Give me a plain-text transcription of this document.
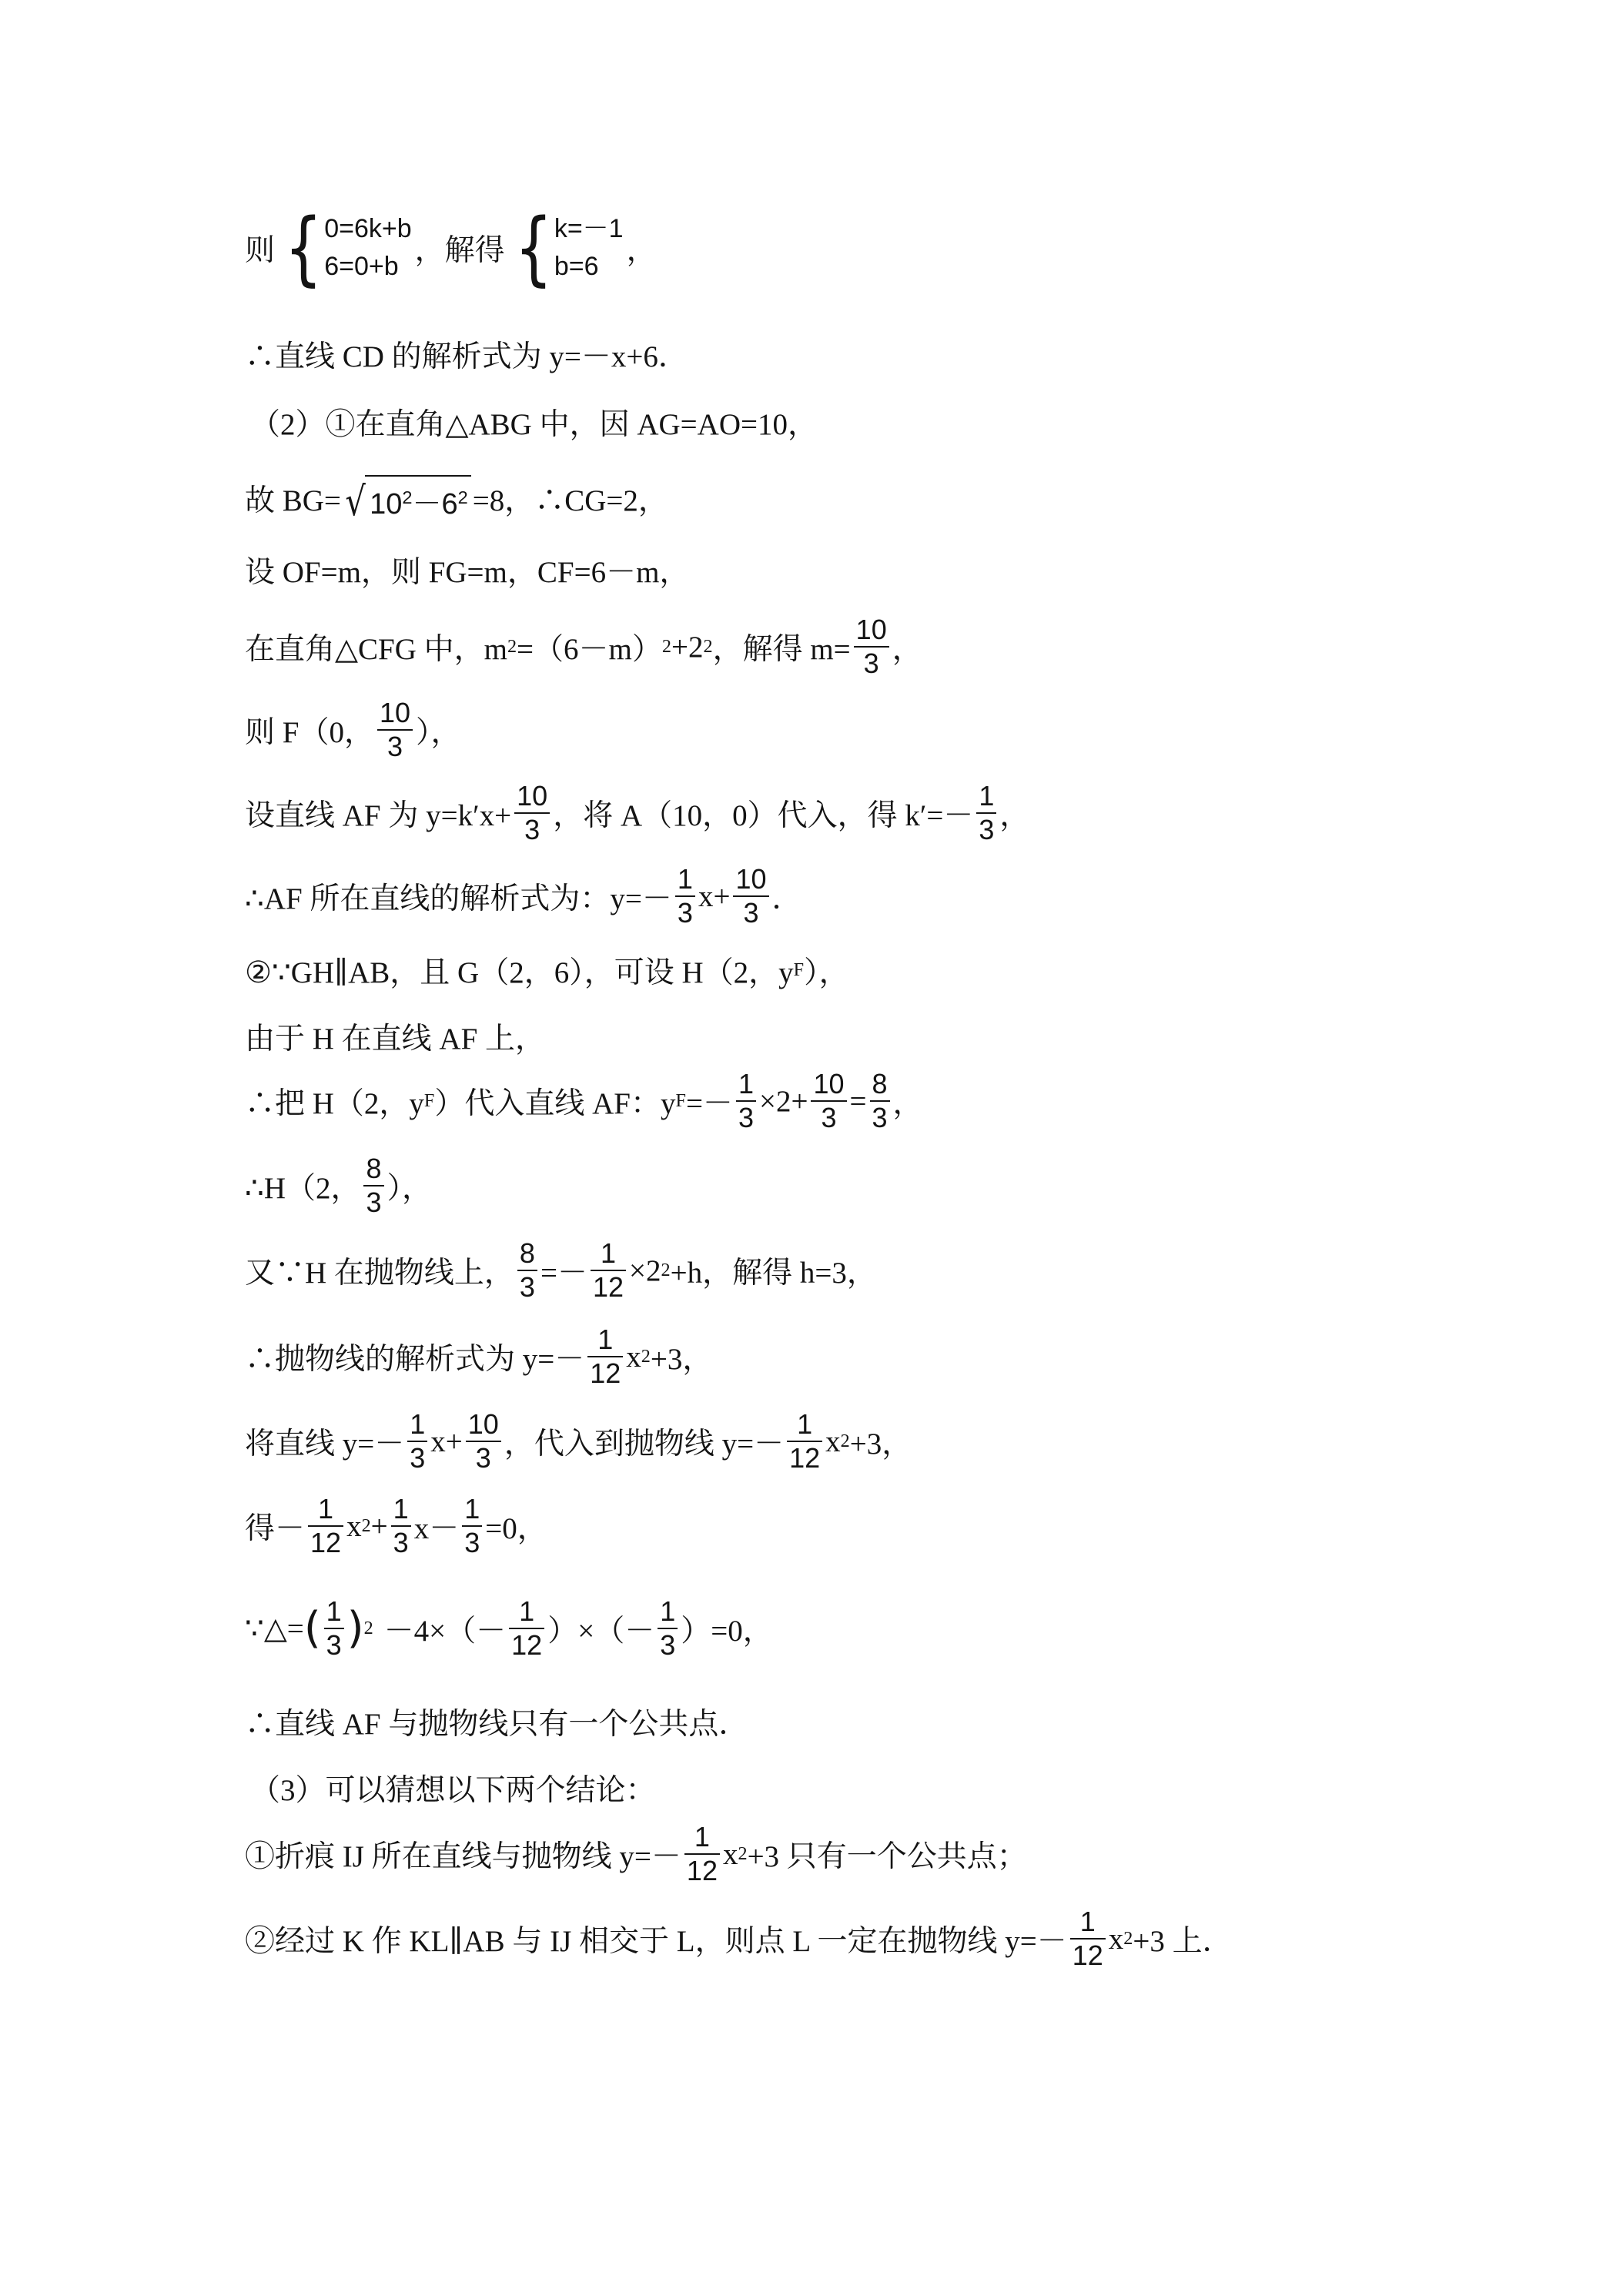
则 { 0=6k+b
6=0+b ，解得 { k=－1
b=6 ，
∴直线 CD 的解析式为 y=－x+6．
（2）①在直角△ABG 中，因 AG=AO=10，
故 BG= √ $10^2-6^2 =8$，∴CG=2，
设 OF=m，则 FG=m，CF=6－m，
在直角△CFG 中，m 2 =（6－m） 2 +2 2 ，解得 $m= \frac{10}{3}$ ，
则 F（0， $\frac{10}{3}$ ），
设直线 AF 为 $y=k'x+ \frac{10}{3}$ ，将 A（10，0）代入，得 $k'=- \frac{1}{3}$ ，
∴AF 所在直线的解析式为：$y=- \frac{1}{3} x+ \frac{10}{3}$ ．
②∵GH∥AB，且 G（2，6），可设 H（2，y F ），
由于 H 在直线 AF 上，
∴把 H（2，y F ）代入直线 AF：y $F =- \frac{1}{3} \times 2+ \frac{10}{3} = \frac{8}{3}$ ，
∴H（2， $\frac{8}{3}$ ），
又∵H 在抛物线上， $\frac{8}{3} =- \frac{1}{12} \times 2$ 2 +h，解得 h=3，
∴抛物线的解析式为 $y=- \frac{1}{12}$ x 2 +3，
将直线 $y=- \frac{1}{3} x+ \frac{10}{3}$ ，代入到抛物线 $y=- \frac{1}{12}$ x 2 +3，
得－ $\frac{1}{12}$ x $2 + \frac{1}{3} x- \frac{1}{3} =0$，
∵△= ( $\frac{1}{3}$ ) $2 -4\times(- \frac{1}{12}$ ）×（－ $\frac{1}{3} )=0$，
∴直线 AF 与抛物线只有一个公共点．
（3）可以猜想以下两个结论：
①折痕 IJ 所在直线与抛物线 $y=- \frac{1}{12}$ x 2 +3 只有一个公共点；
②经过 K 作 KL∥AB 与 IJ 相交于 L，则点 L 一定在抛物线 $y=- \frac{1}{12}$ x 2 +3 上．
